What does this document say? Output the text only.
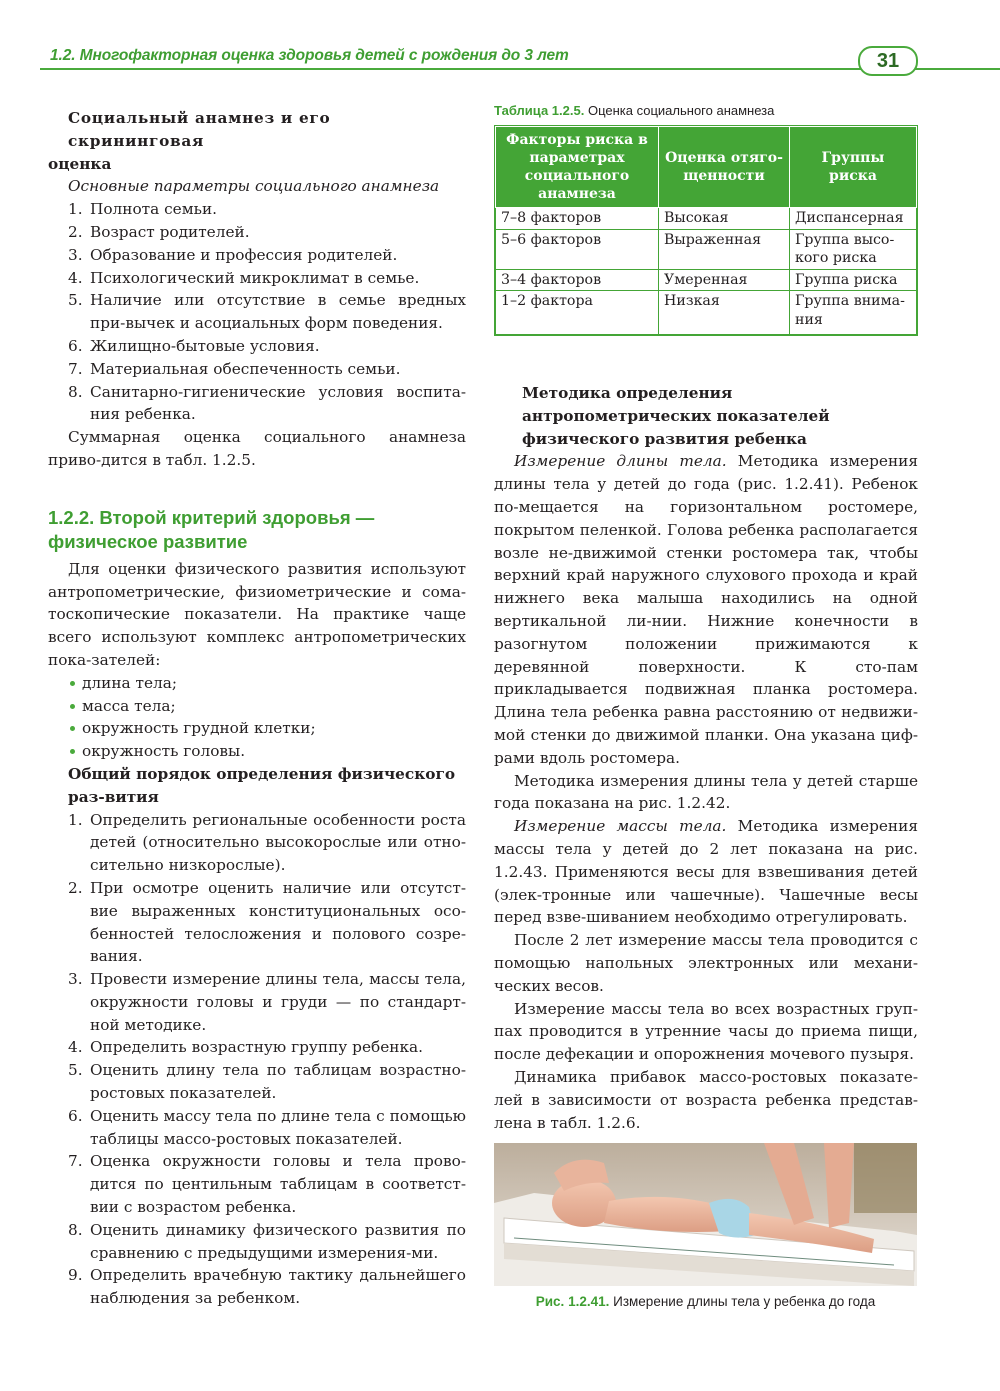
1.2. Многофакторная оценка здоровья детей с рождения до 3 лет	31

Социальный анамнез и его скрининговая

оценка

Основные параметры социального анамнеза

1. Полнота семьи.
2. Возраст родителей.
3. Образование и профессия родителей.
4. Психологический микроклимат в семье.
5. Наличие или отсутствие в семье вредных при-вычек и асоциальных форм поведения.
6. Жилищно-бытовые условия.
7. Материальная обеспеченность семьи.
8. Санитарно-гигиенические условия воспита-ния ребенка.

Суммарная оценка социального анамнеза приво-дится в табл. 1.2.5.

1.2.2. Второй критерий здоровья —
физическое развитие

Для оценки физического развития используют антропометрические, физиометрические и сома-тоскопические показатели. На практике чаще всего используют комплекс антропометрических пока-зателей:

длина тела;
масса тела;
окружность грудной клетки;
окружность головы.

Общий порядок определения физического раз-вития

1. Определить региональные особенности роста детей (относительно высокорослые или отно-сительно низкорослые).
2. При осмотре оценить наличие или отсутст-вие выраженных конституциональных осо-бенностей телосложения и полового созре-вания.
3. Провести измерение длины тела, массы тела, окружности головы и груди — по стандарт-ной методике.
4. Определить возрастную группу ребенка.
5. Оценить длину тела по таблицам возрастно-ростовых показателей.
6. Оценить массу тела по длине тела с помощью таблицы массо-ростовых показателей.
7. Оценка окружности головы и тела прово-дится по центильным таблицам в соответст-вии с возрастом ребенка.
8. Оценить динамику физического развития по сравнению с предыдущими измерения-ми.
9. Определить врачебную тактику дальнейшего наблюдения за ребенком.
Таблица 1.2.5. Оценка социального анамнеза
Факторы риска в параметрах социального анамнеза	Оценка отяго-щенности	Группы риска
7–8 факторов	Высокая	Диспансерная
5–6 факторов	Выраженная	Группа высо-кого риска
3–4 факторов	Умеренная	Группа риска
1–2 фактора	Низкая	Группа внима-ния

Методика определения антропометрических показателей физического развития ребенка

Измерение длины тела. Методика измерения длины тела у детей до года (рис. 1.2.41). Ребенок по-мещается на горизонтальном ростомере, покрытом пеленкой. Голова ребенка располагается возле не-движимой стенки ростомера так, чтобы верхний край наружного слухового прохода и край нижнего века малыша находились на одной вертикальной ли-нии. Нижние конечности в разогнутом положении прижимаются к деревянной поверхности. К сто-пам прикладывается подвижная планка ростомера. Длина тела ребенка равна расстоянию от недвижи-мой стенки до движимой планки. Она указана циф-рами вдоль ростомера.

Методика измерения длины тела у детей старше года показана на рис. 1.2.42.

Измерение массы тела. Методика измерения массы тела у детей до 2 лет показана на рис. 1.2.43. Применяются весы для взвешивания детей (элек-тронные или чашечные). Чашечные весы перед взве-шиванием необходимо отрегулировать.

После 2 лет измерение массы тела проводится с помощью напольных электронных или механи-ческих весов.

Измерение массы тела во всех возрастных груп-пах проводится в утренние часы до приема пищи, после дефекации и опорожнения мочевого пузыря.

Динамика прибавок массо-ростовых показате-лей в зависимости от возраста ребенка представ-лена в табл. 1.2.6.

Рис. 1.2.41. Измерение длины тела у ребенка до года
